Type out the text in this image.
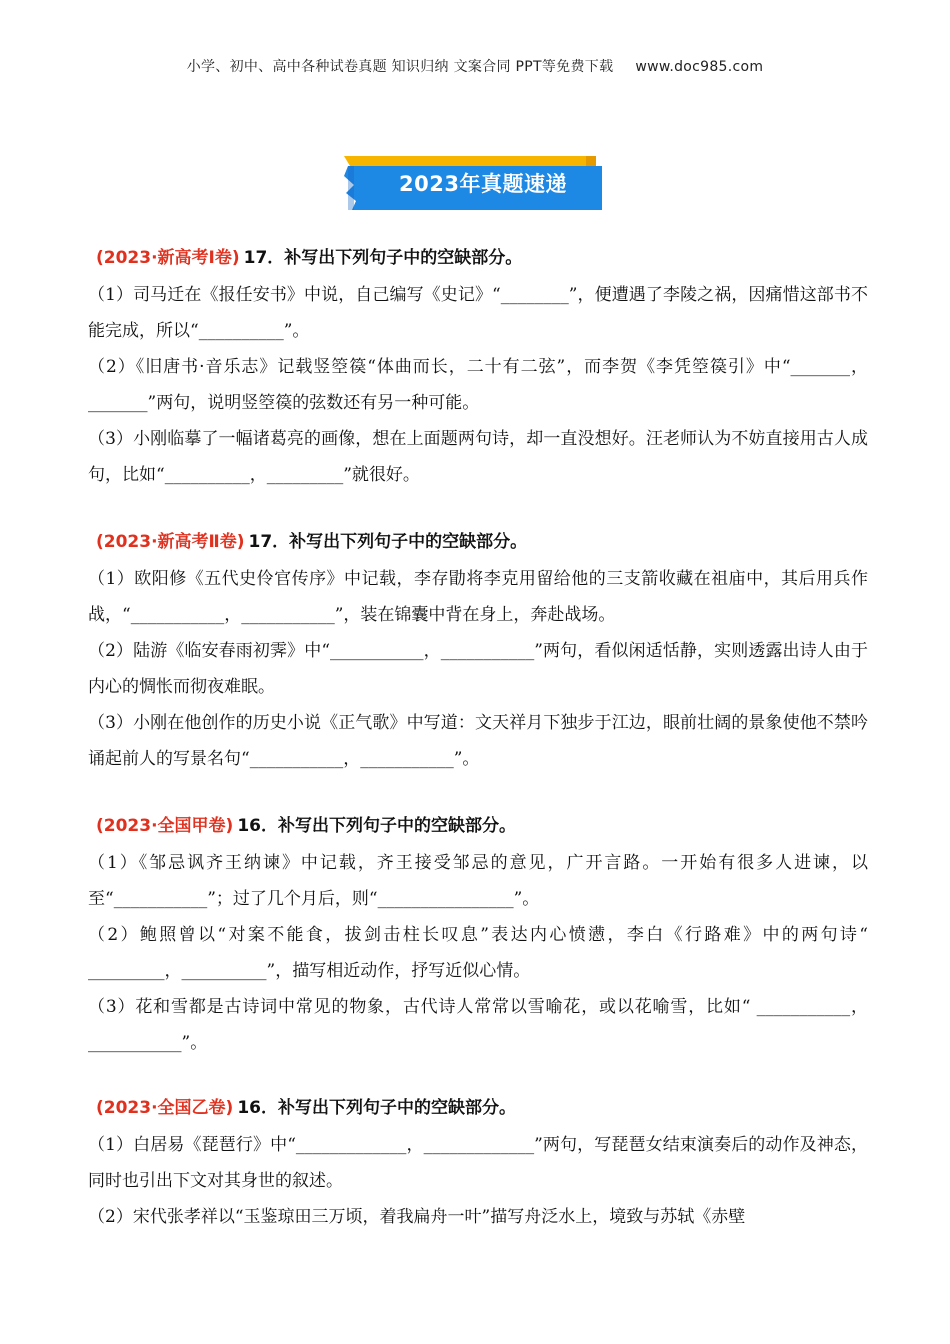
小学、初中、高中各种试卷真题 知识归纳 文案合同 PPT等免费下载 www.doc985.com
2023年真题速递
(2023·新高考Ⅰ卷) 17．补写出下列句子中的空缺部分。

（1）司马迁在《报任安书》中说，自己编写《史记》“________”，便遭遇了李陵之祸，因痛惜这部书不能完成，所以“__________”。

（2）《旧唐书·音乐志》记载竖箜篌“体曲而长，二十有二弦”，而李贺《李凭箜篌引》中“_______，_______”两句，说明竖箜篌的弦数还有另一种可能。

（3）小刚临摹了一幅诸葛亮的画像，想在上面题两句诗，却一直没想好。汪老师认为不妨直接用古人成句，比如“__________，_________”就很好。

(2023·新高考Ⅱ卷) 17．补写出下列句子中的空缺部分。

（1）欧阳修《五代史伶官传序》中记载，李存勖将李克用留给他的三支箭收藏在祖庙中，其后用兵作战，“___________，___________”，装在锦囊中背在身上，奔赴战场。

（2）陆游《临安春雨初霁》中“___________，___________”两句，看似闲适恬静，实则透露出诗人由于内心的惆怅而彻夜难眠。

（3）小刚在他创作的历史小说《正气歌》中写道：文天祥月下独步于江边，眼前壮阔的景象使他不禁吟诵起前人的写景名句“___________，___________”。

(2023·全国甲卷) 16．补写出下列句子中的空缺部分。

（1）《邹忌讽齐王纳谏》中记载，齐王接受邹忌的意见，广开言路。一开始有很多人进谏，以至“___________”；过了几个月后，则“________________”。

（2）鲍照曾以“对案不能食，拔剑击柱长叹息”表达内心愤懑，李白《行路难》中的两句诗“ _________，__________”，描写相近动作，抒写近似心情。

（3）花和雪都是古诗词中常见的物象，古代诗人常常以雪喻花，或以花喻雪，比如“ ___________，___________”。

(2023·全国乙卷) 16．补写出下列句子中的空缺部分。

（1）白居易《琵琶行》中“_____________，_____________”两句，写琵琶女结束演奏后的动作及神态，同时也引出下文对其身世的叙述。

（2）宋代张孝祥以“玉鉴琼田三万顷，着我扁舟一叶”描写舟泛水上，境致与苏轼《赤壁
